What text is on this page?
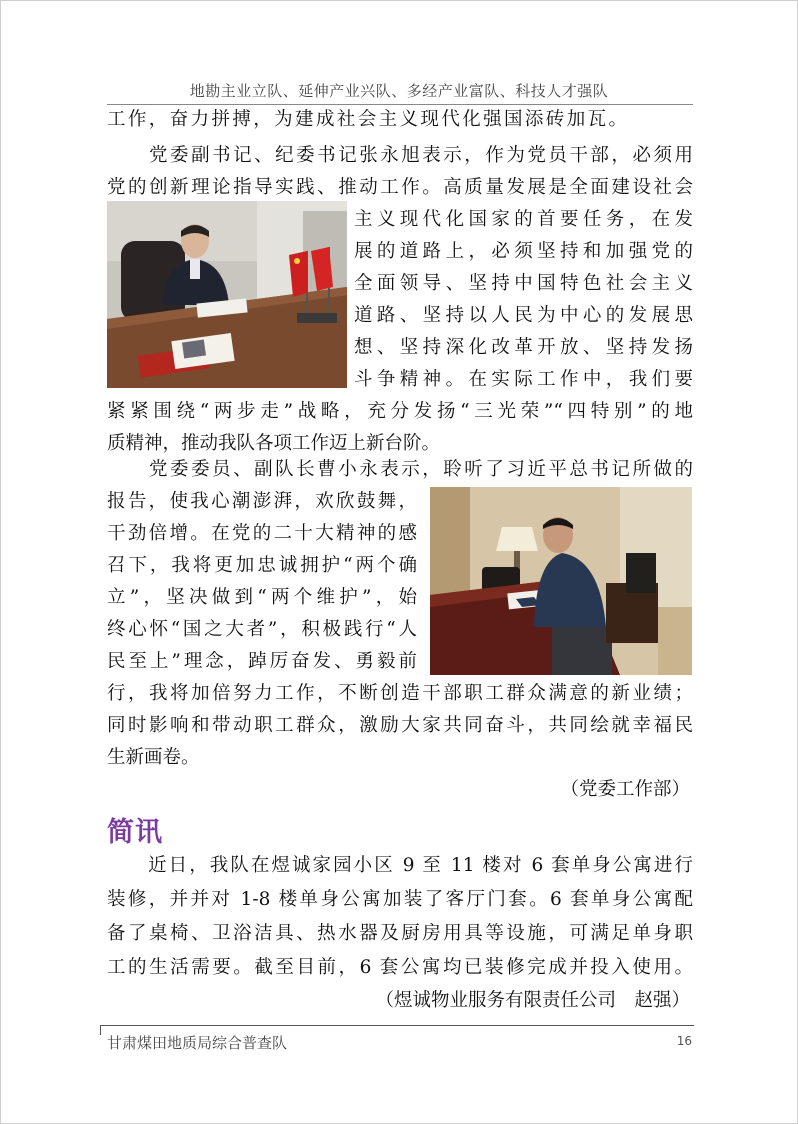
地勘主业立队、延伸产业兴队、多经产业富队、科技人才强队
工作，奋力拼搏，为建成社会主义现代化强国添砖加瓦。
　　党委副书记、纪委书记张永旭表示，作为党员干部，必须用
党的创新理论指导实践、推动工作。高质量发展是全面建设社会
主义现代化国家的首要任务，在发
展的道路上，必须坚持和加强党的
全面领导、坚持中国特色社会主义
道路、坚持以人民为中心的发展思
想、坚持深化改革开放、坚持发扬
斗争精神。在实际工作中，我们要
紧紧围绕“两步走”战略，充分发扬“三光荣”“四特别”的地
质精神，推动我队各项工作迈上新台阶。
　　党委委员、副队长曹小永表示，聆听了习近平总书记所做的
报告，使我心潮澎湃，欢欣鼓舞，
干劲倍增。在党的二十大精神的感
召下，我将更加忠诚拥护“两个确
立”，坚决做到“两个维护”，始
终心怀“国之大者”，积极践行“人
民至上”理念，踔厉奋发、勇毅前
行，我将加倍努力工作，不断创造干部职工群众满意的新业绩；
同时影响和带动职工群众，激励大家共同奋斗，共同绘就幸福民
生新画卷。
（党委工作部）
简讯
　　近日，我队在煜诚家园小区 9 至 11 楼对 6 套单身公寓进行
装修，并并对 1-8 楼单身公寓加装了客厅门套。6 套单身公寓配
备了桌椅、卫浴洁具、热水器及厨房用具等设施，可满足单身职
工的生活需要。截至目前，6 套公寓均已装修完成并投入使用。
（煜诚物业服务有限责任公司　赵强）
甘肃煤田地质局综合普查队	16
